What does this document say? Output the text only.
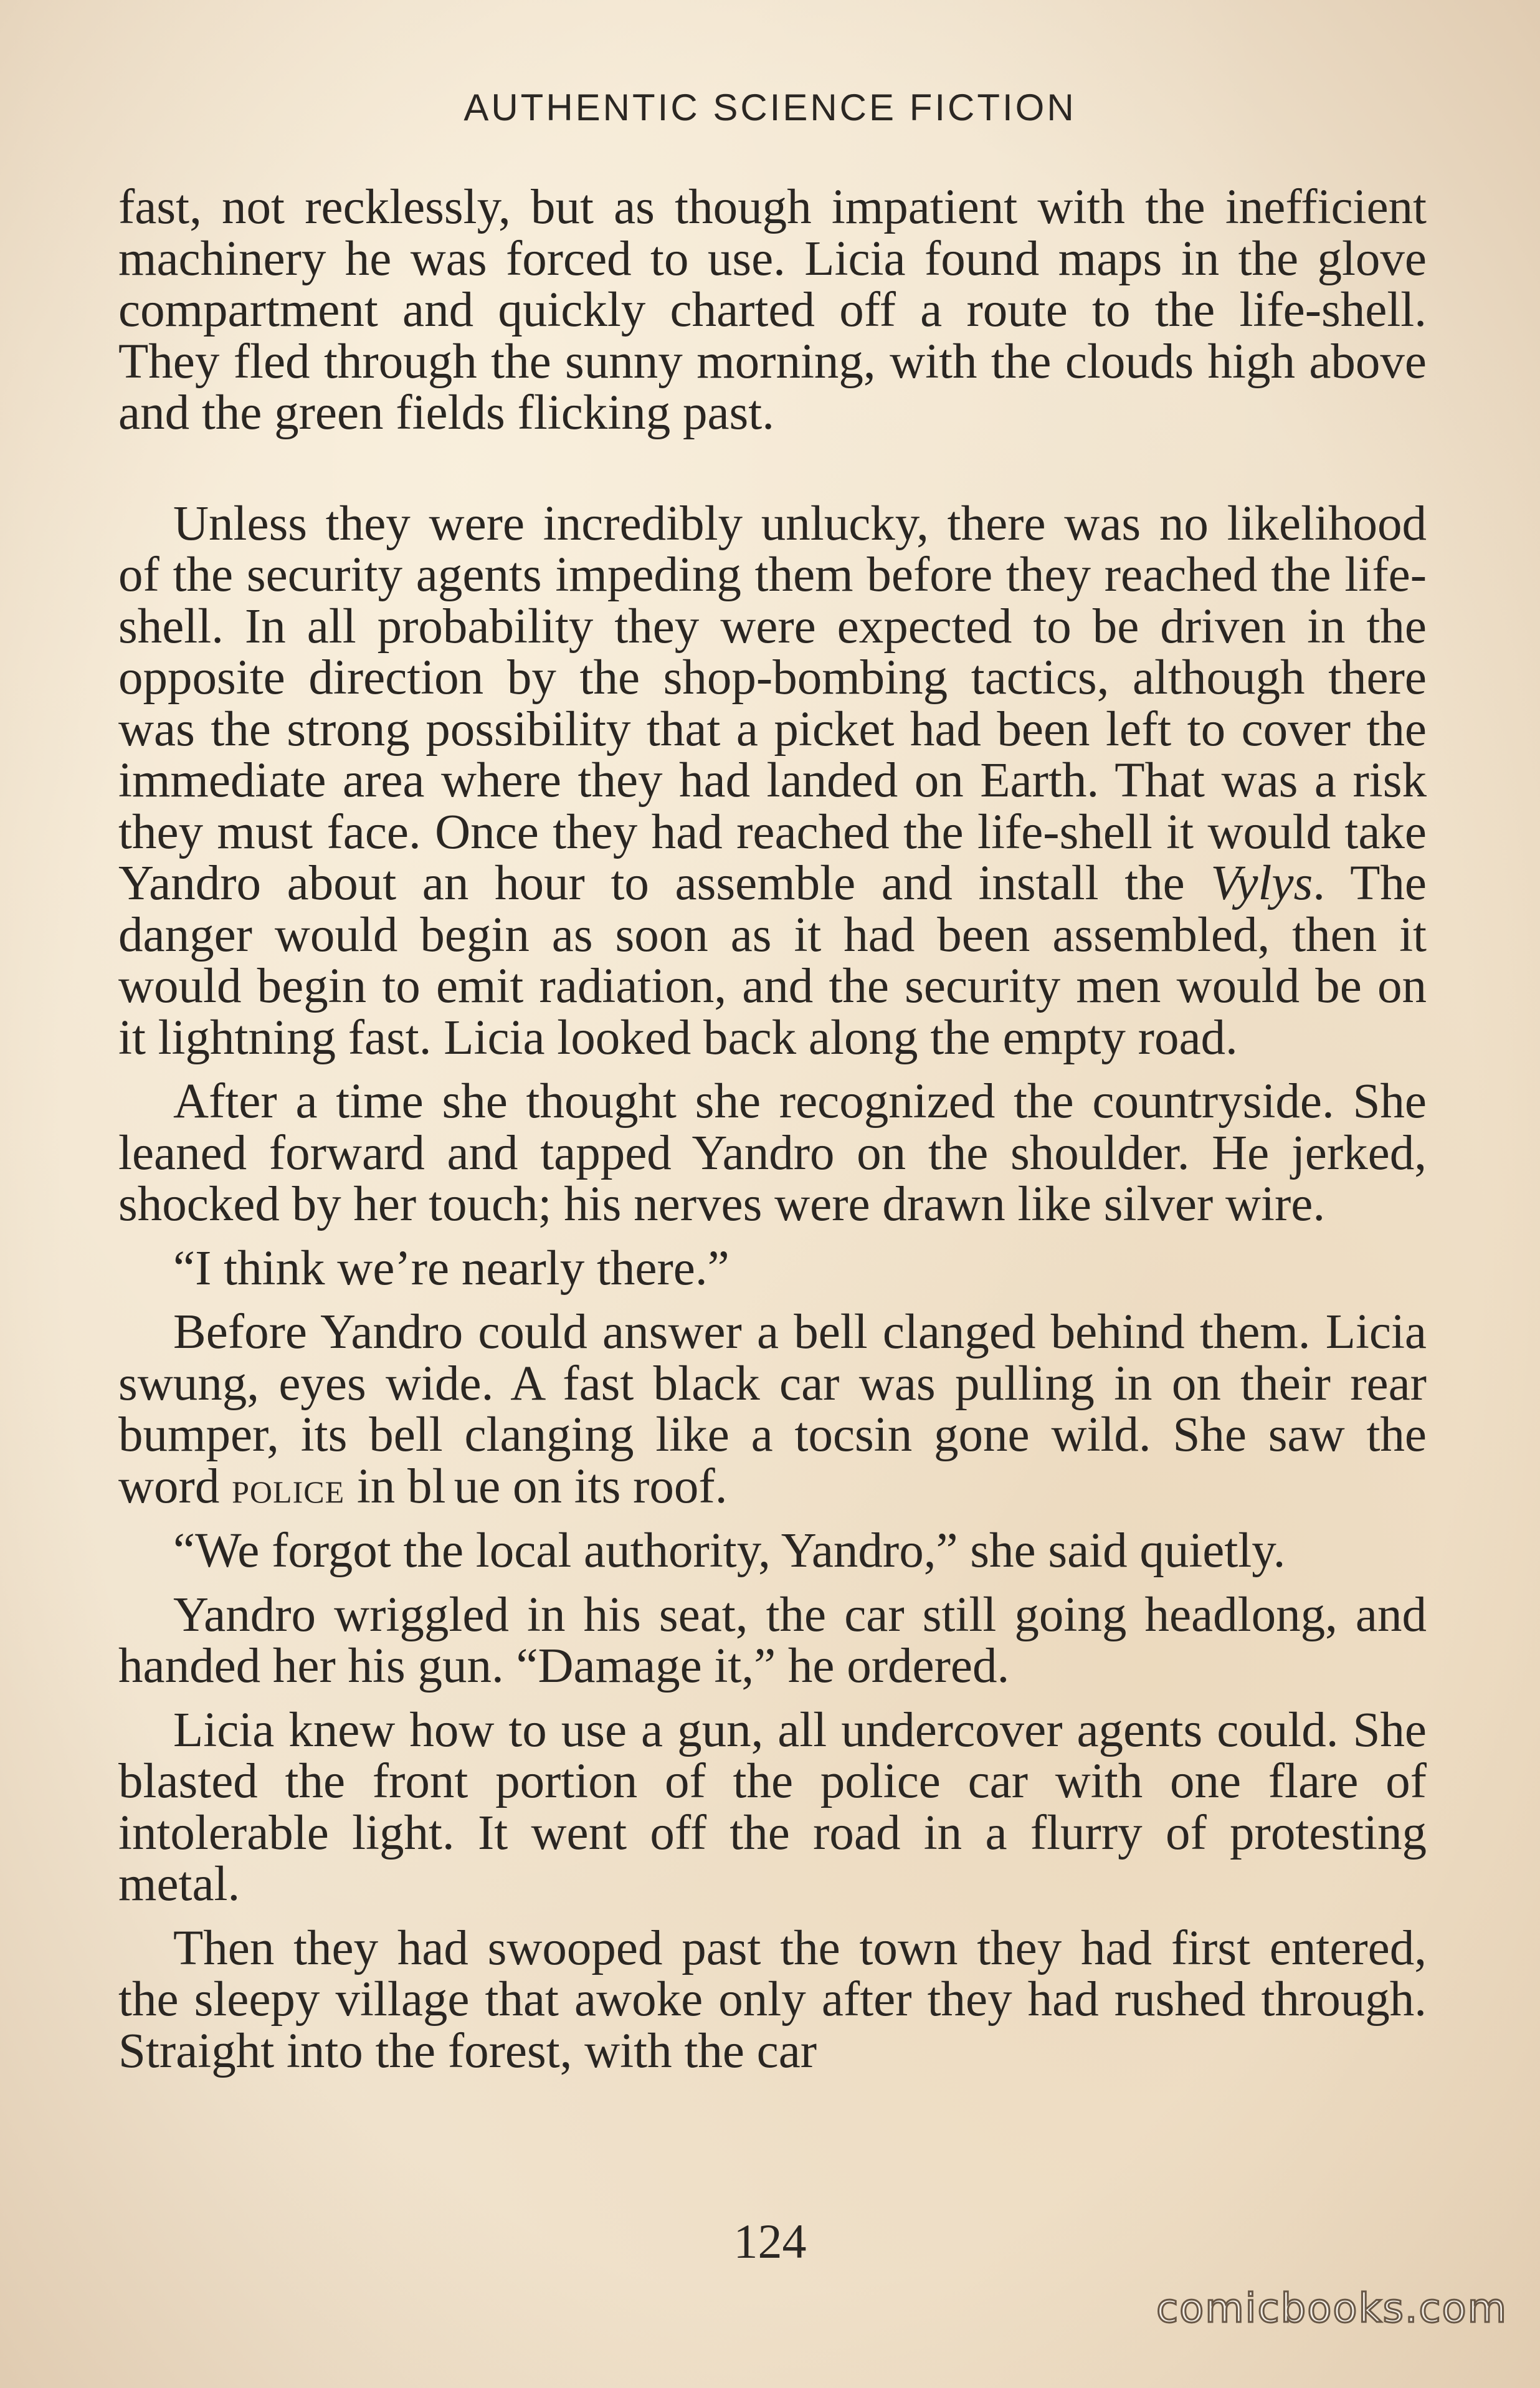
AUTHENTIC SCIENCE FICTION

fast, not recklessly, but as though impatient with the inefficient machinery he was forced to use. Licia found maps in the glove compartment and quickly charted off a route to the life-shell. They fled through the sunny morning, with the clouds high above and the green fields flicking past.

Unless they were incredibly unlucky, there was no likelihood of the security agents impeding them before they reached the life-shell. In all probability they were expected to be driven in the opposite direction by the shop-bombing tactics, although there was the strong possibility that a picket had been left to cover the immediate area where they had landed on Earth. That was a risk they must face. Once they had reached the life-shell it would take Yandro about an hour to assemble and install the Vylys. The danger would begin as soon as it had been assembled, then it would begin to emit radiation, and the security men would be on it lightning fast. Licia looked back along the empty road.

After a time she thought she recognized the countryside. She leaned forward and tapped Yandro on the shoulder. He jerked, shocked by her touch; his nerves were drawn like silver wire.

“I think we’re nearly there.”

Before Yandro could answer a bell clanged behind them. Licia swung, eyes wide. A fast black car was pulling in on their rear bumper, its bell clanging like a tocsin gone wild. She saw the word police in bl ue on its roof.

“We forgot the local authority, Yandro,” she said quietly.

Yandro wriggled in his seat, the car still going headlong, and handed her his gun. “Damage it,” he ordered.

Licia knew how to use a gun, all undercover agents could. She blasted the front portion of the police car with one flare of intolerable light. It went off the road in a flurry of protesting metal.

Then they had swooped past the town they had first entered, the sleepy village that awoke only after they had rushed through. Straight into the forest, with the car

124
comicbooks.com
